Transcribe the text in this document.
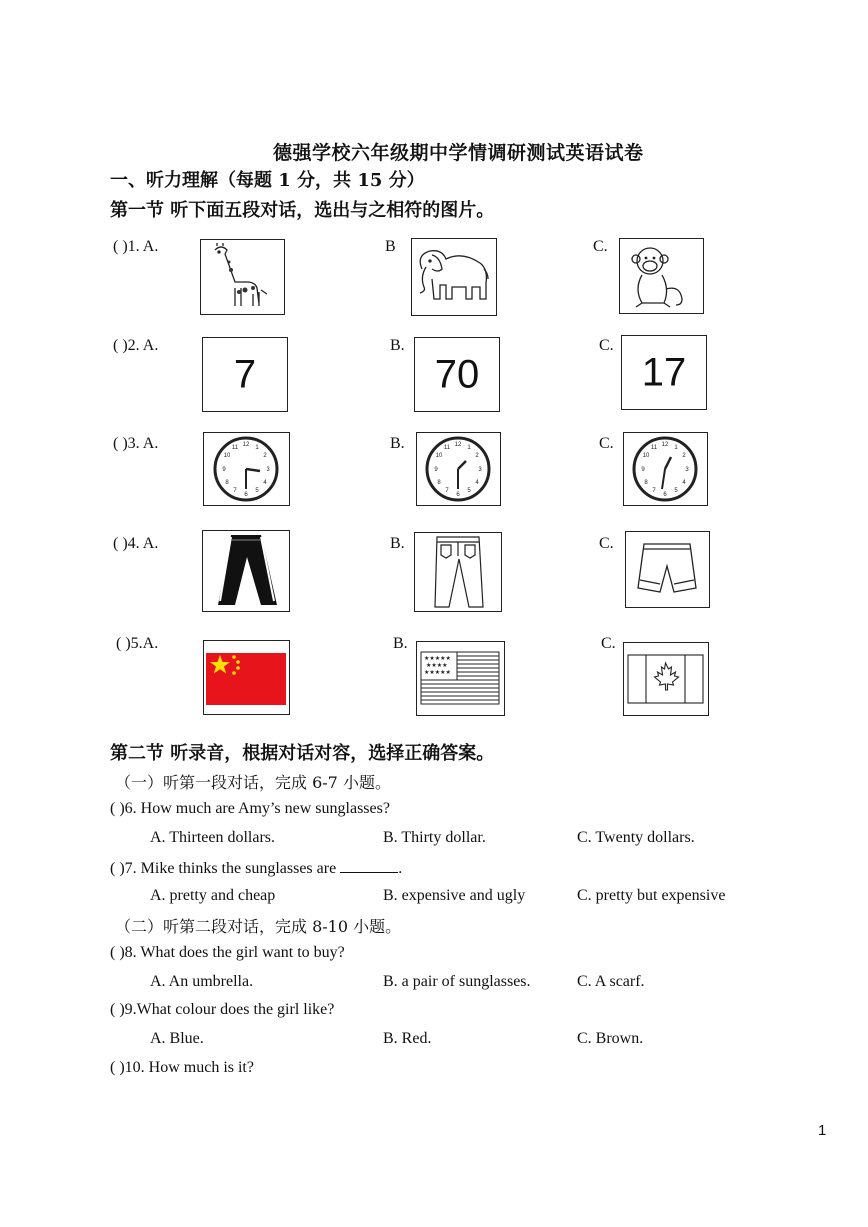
德强学校六年级期中学情调研测试英语试卷
一、听力理解（每题 1 分，共 15 分）
第一节 听下面五段对话，选出与之相符的图片。
( )1. A.	B	C.
( )2. A.
7
B.
70
C.
17
( )3. A.	12 1
2
3
4
5
6
7
8
9
10
11	B.	12 1
2
3
4
5
6
7
8
9
10
11	C.	12 1
2
3
4
5
6
7
8
9
10
11
( )4. A.	B.	C.
( )5.A.	B.
★★★★★
★★★★
★★★★★
C.
第二节 听录音，根据对话对容，选择正确答案。
（一）听第一段对话，完成 6-7 小题。
( )6. How much are Amy’s new sunglasses?
A. Thirteen dollars.	B. Thirty dollar.	C. Twenty dollars.
( )7. Mike thinks the sunglasses are	.
A. pretty and cheap	B. expensive and ugly	C. pretty but expensive
（二）听第二段对话，完成 8-10 小题。
( )8. What does the girl want to buy?
A. An umbrella.	B. a pair of sunglasses.	C. A scarf.
( )9.What colour does the girl like?
A. Blue.	B. Red.	C. Brown.
( )10. How much is it?
1
